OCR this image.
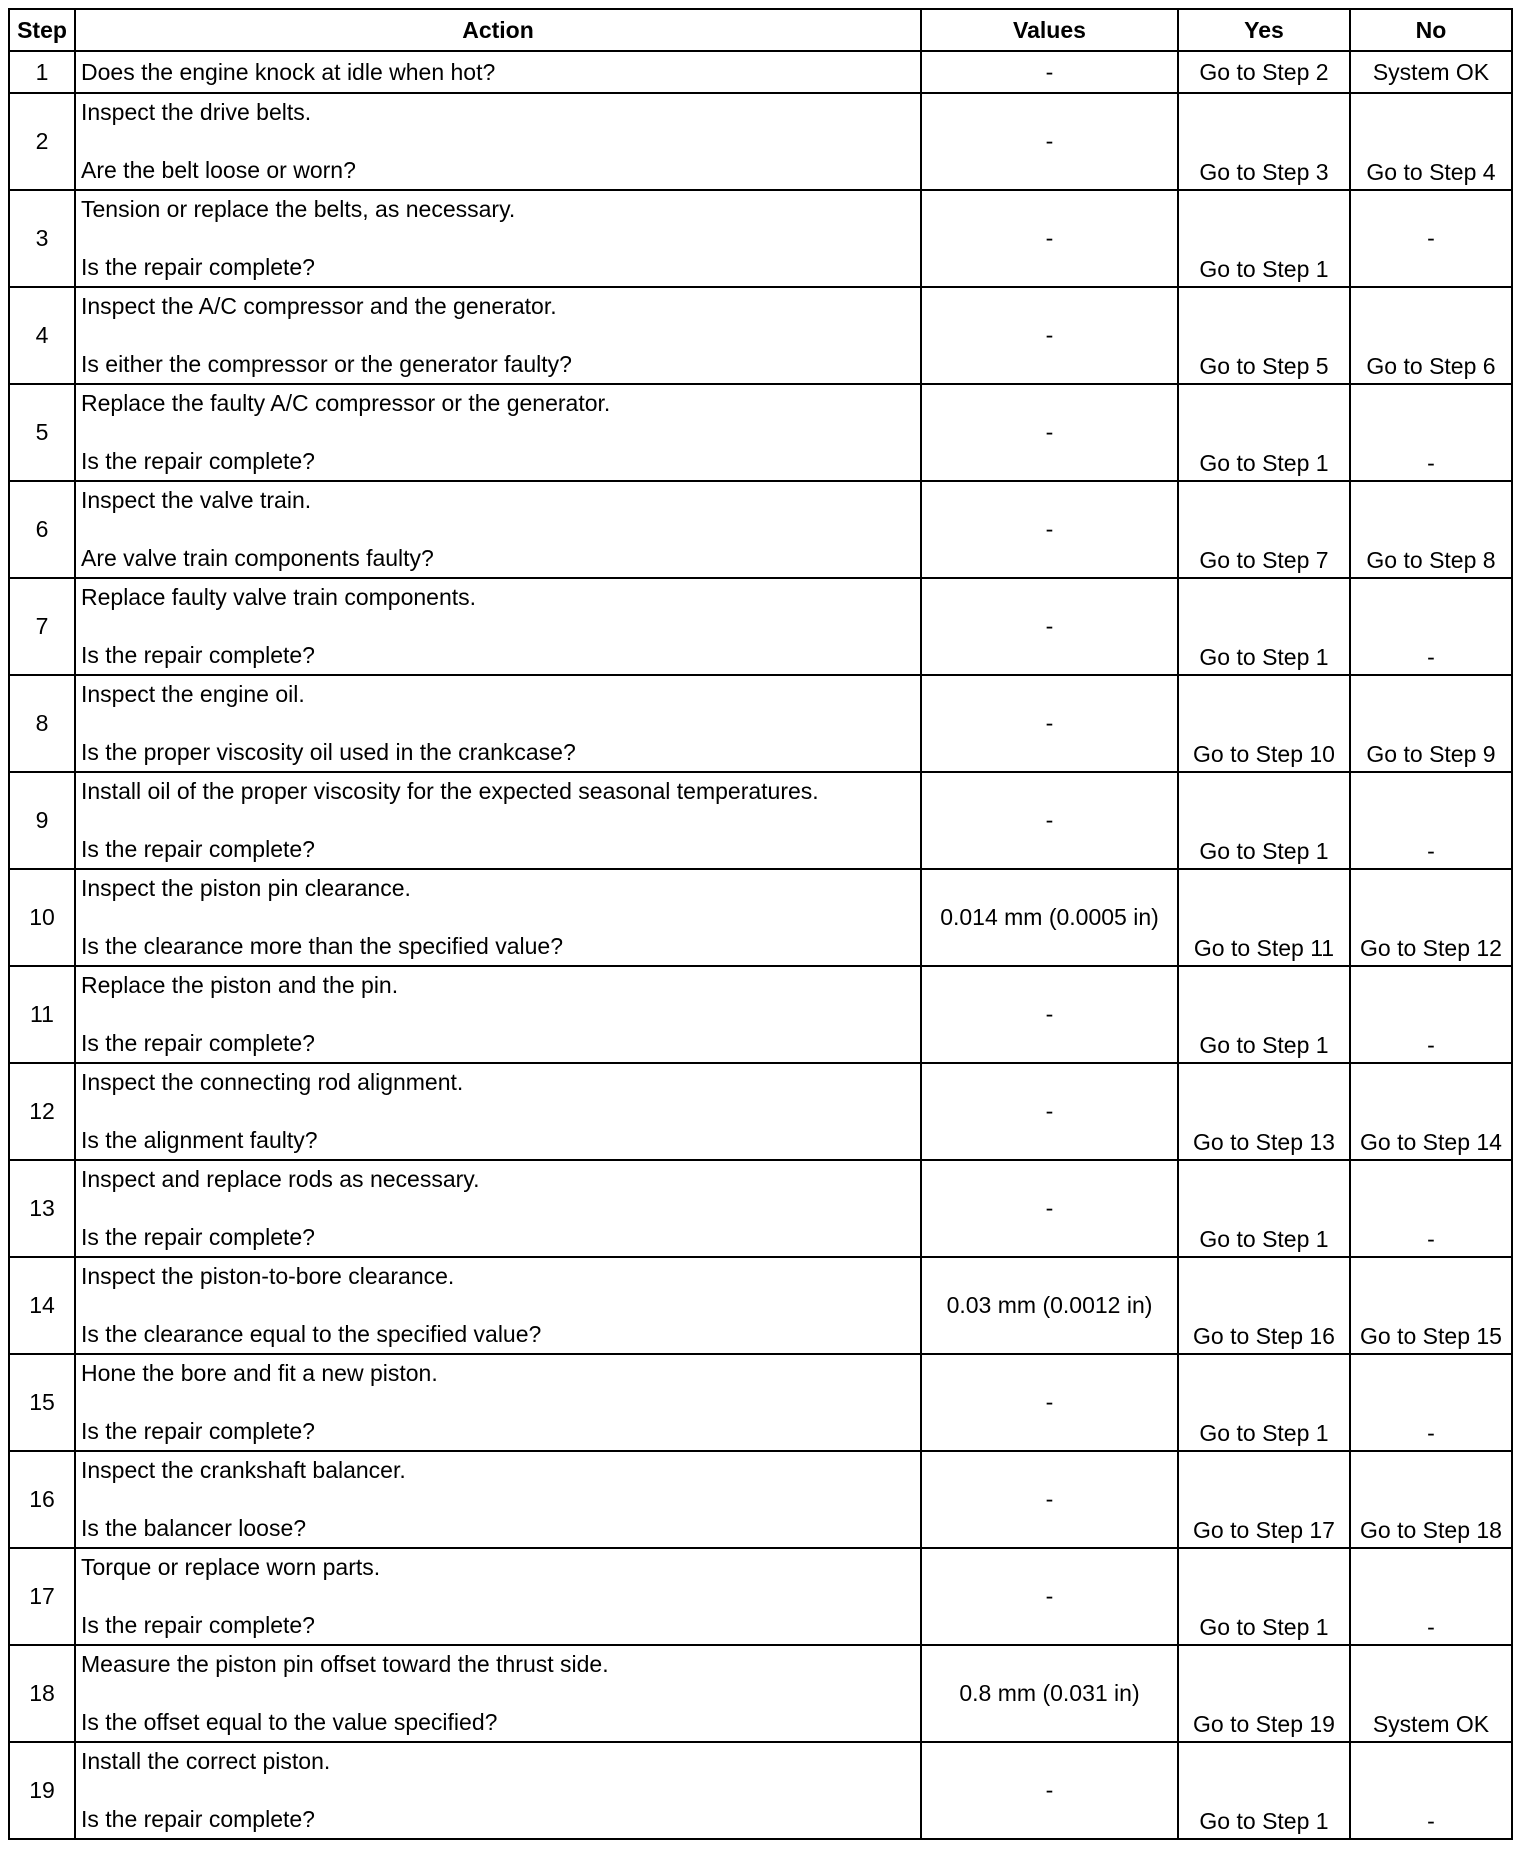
Step	Action	Values	Yes	No
1	Does the engine knock at idle when hot?	-	Go to Step 2	System OK
2	Inspect the drive belts.
Are the belt loose or worn?	-	Go to Step 3	Go to Step 4
3	Tension or replace the belts, as necessary.
Is the repair complete?	-	Go to Step 1	-
4	Inspect the A/C compressor and the generator.
Is either the compressor or the generator faulty?	-	Go to Step 5	Go to Step 6
5	Replace the faulty A/C compressor or the generator.
Is the repair complete?	-	Go to Step 1	-
6	Inspect the valve train.
Are valve train components faulty?	-	Go to Step 7	Go to Step 8
7	Replace faulty valve train components.
Is the repair complete?	-	Go to Step 1	-
8	Inspect the engine oil.
Is the proper viscosity oil used in the crankcase?	-	Go to Step 10	Go to Step 9
9	Install oil of the proper viscosity for the expected seasonal temperatures.
Is the repair complete?	-	Go to Step 1	-
10	Inspect the piston pin clearance.
Is the clearance more than the specified value?	0.014 mm (0.0005 in)	Go to Step 11	Go to Step 12
11	Replace the piston and the pin.
Is the repair complete?	-	Go to Step 1	-
12	Inspect the connecting rod alignment.
Is the alignment faulty?	-	Go to Step 13	Go to Step 14
13	Inspect and replace rods as necessary.
Is the repair complete?	-	Go to Step 1	-
14	Inspect the piston-to-bore clearance.
Is the clearance equal to the specified value?	0.03 mm (0.0012 in)	Go to Step 16	Go to Step 15
15	Hone the bore and fit a new piston.
Is the repair complete?	-	Go to Step 1	-
16	Inspect the crankshaft balancer.
Is the balancer loose?	-	Go to Step 17	Go to Step 18
17	Torque or replace worn parts.
Is the repair complete?	-	Go to Step 1	-
18	Measure the piston pin offset toward the thrust side.
Is the offset equal to the value specified?	0.8 mm (0.031 in)	Go to Step 19	System OK
19	Install the correct piston.
Is the repair complete?	-	Go to Step 1	-
